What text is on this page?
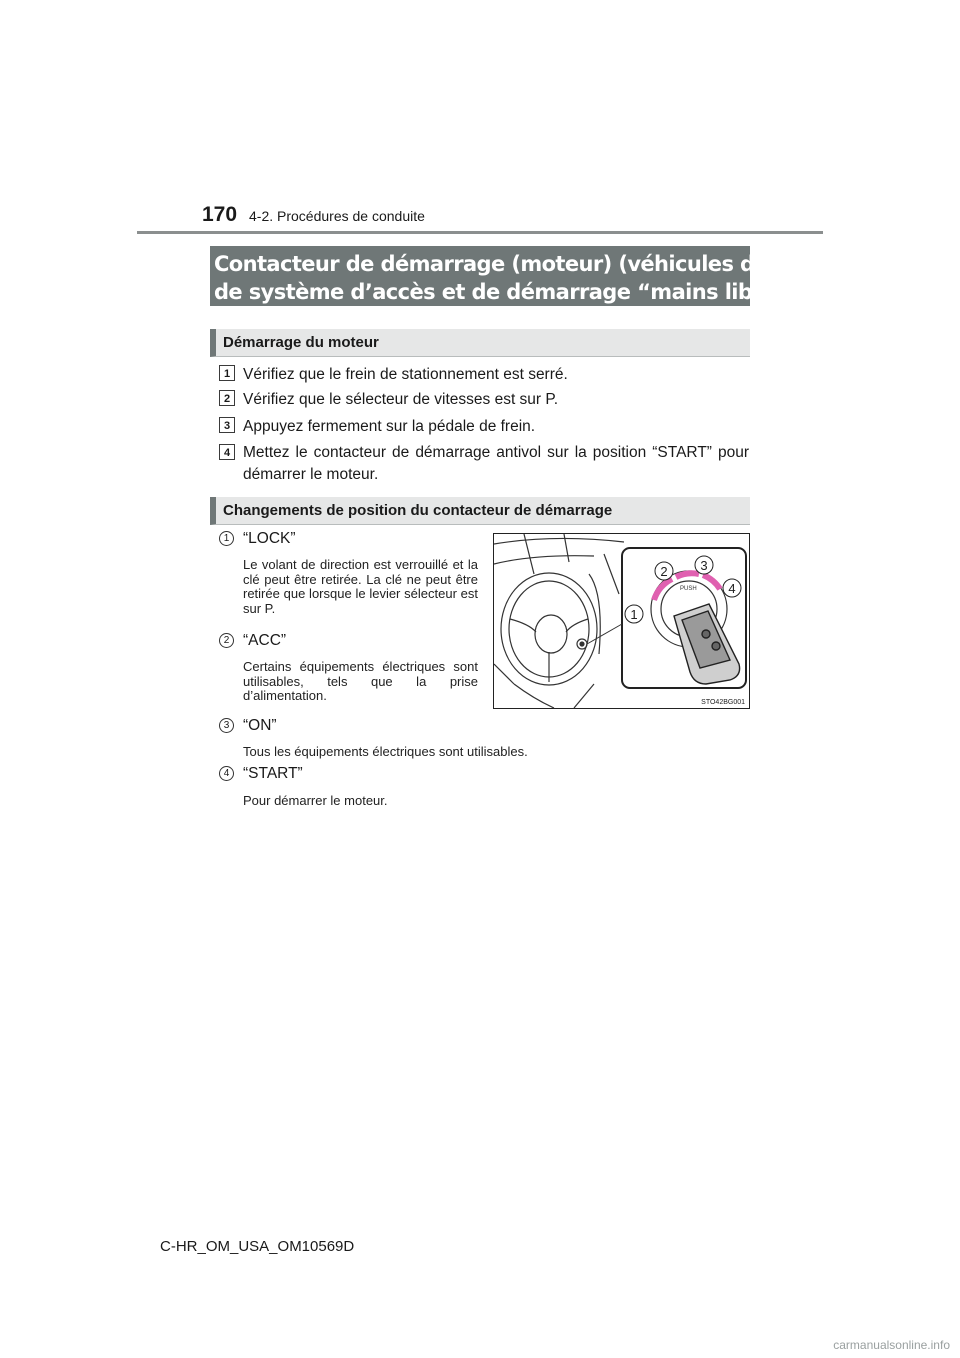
170 4-2. Procédures de conduite
Contacteur de démarrage (moteur) (véhicules dépourvus
de système d’accès et de démarrage “mains libres”)
Démarrage du moteur
1 Vérifiez que le frein de stationnement est serré.
2 Vérifiez que le sélecteur de vitesses est sur P.
3 Appuyez fermement sur la pédale de frein.
4 Mettez le contacteur de démarrage antivol sur la position “START” pour démarrer le moteur.
Changements de position du contacteur de démarrage
1 “LOCK”
Le volant de direction est verrouillé et la clé peut être retirée. La clé ne peut être retirée que lorsque le levier sélecteur est sur P.
2 “ACC”
Certains équipements électriques sont utilisables, tels que la prise d’alimentation.
3 “ON”
Tous les équipements électriques sont utilisables.
4 “START”
Pour démarrer le moteur.
PUSH
1
2	3
4
STO42BG001
C-HR_OM_USA_OM10569D
carmanualsonline.info
